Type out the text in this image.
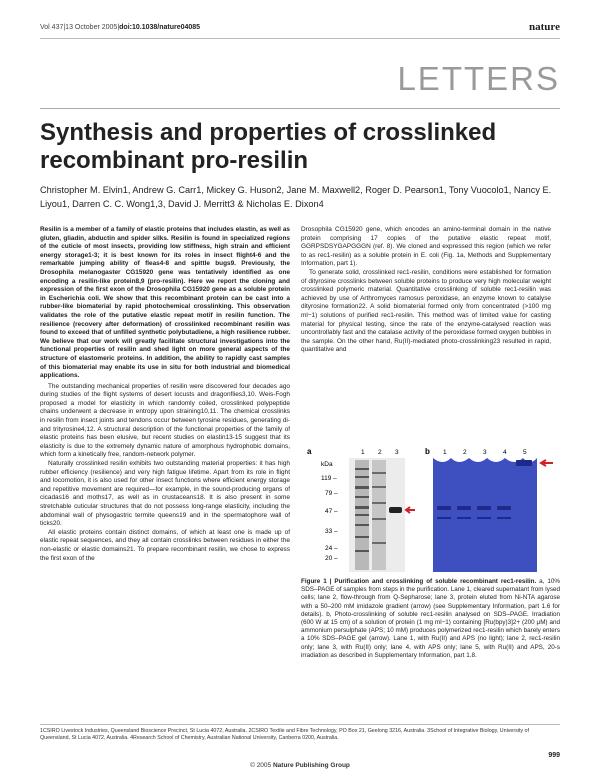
Vol 437|13 October 2005|doi:10.1038/nature04085	nature
LETTERS
Synthesis and properties of crosslinked recombinant pro-resilin
Christopher M. Elvin1, Andrew G. Carr1, Mickey G. Huson2, Jane M. Maxwell2, Roger D. Pearson1, Tony Vuocolo1, Nancy E. Liyou1, Darren C. C. Wong1,3, David J. Merritt3 & Nicholas E. Dixon4

Resilin is a member of a family of elastic proteins that includes elastin, as well as gluten, gliadin, abductin and spider silks. Resilin is found in specialized regions of the cuticle of most insects, providing low stiffness, high strain and efficient energy storage1-3; it is best known for its roles in insect flight4-6 and the remarkable jumping ability of fleas4-8 and spittle bugs9. Previously, the Drosophila melanogaster CG15920 gene was tentatively identified as one encoding a resilin-like protein8,9 (pro-resilin). Here we report the cloning and expression of the first exon of the Drosophila CG15920 gene as a soluble protein in Escherichia coli. We show that this recombinant protein can be cast into a rubber-like biomaterial by rapid photochemical crosslinking. This observation validates the role of the putative elastic repeat motif in resilin function. The resilience (recovery after deformation) of crosslinked recombinant resilin was found to exceed that of unfilled synthetic polybutadiene, a high resilience rubber. We believe that our work will greatly facilitate structural investigations into the functional properties of resilin and shed light on more general aspects of the structure of elastomeric proteins. In addition, the ability to rapidly cast samples of this biomaterial may enable its use in situ for both industrial and biomedical applications.

The outstanding mechanical properties of resilin were discovered four decades ago during studies of the flight systems of desert locusts and dragonflies3,10. Weis-Fogh proposed a model for elasticity in which randomly coiled, crosslinked polypeptide chains underwent a decrease in entropy upon straining10,11. The chemical crosslinks in resilin from insect joints and tendons occur between tyrosine residues, generating di- and trityrosine4,12. A structural description of the functional properties of the family of elastic proteins has been elusive, but recent studies on elastin13-15 suggest that its elasticity is due to the extremely dynamic nature of amorphous hydrophobic domains, which form a kinetically free, random-network polymer.

Naturally crosslinked resilin exhibits two outstanding material properties: it has high rubber efficiency (resilience) and very high fatigue lifetime. Apart from its role in flight and locomotion, it is also used for other insect functions where efficient energy storage and repetitive movement are required—for example, in the sound-producing organs of cicadas16 and moths17, as well as in crustaceans18. It is also present in some stretchable cuticular structures that do not possess long-range elasticity, including the abdominal wall of physogastric termite queens19 and in the spermatophore wall of ticks20.

All elastic proteins contain distinct domains, of which at least one is made up of elastic repeat sequences, and they all contain crosslinks between residues in either the non-elastic or elastic domains21. To prepare recombinant resilin, we chose to express the first exon of the

Drosophila CG15920 gene, which encodes an amino-terminal domain in the native protein comprising 17 copies of the putative elastic repeat motif, GGRPSDSYGAPGGGN (ref. 8). We cloned and expressed this region (which we refer to as rec1-resilin) as a soluble protein in E. coli (Fig. 1a, Methods and Supplementary Information, part 1).

To generate solid, crosslinked rec1-resilin, conditions were established for formation of dityrosine crosslinks between soluble proteins to produce very high molecular weight crosslinked polymeric material. Quantitative crosslinking of soluble rec1-resilin was achieved by use of Arthromyces ramosus peroxidase, an enzyme known to catalyse dityrosine formation22. A solid biomaterial formed only from concentrated (>100 mg ml−1) solutions of purified rec1-resilin. This method was of limited value for casting material for physical testing, since the rate of the enzyme-catalysed reaction was uncontrollably fast and the catalase activity of the peroxidase formed oxygen bubbles in the sample. On the other hand, Ru(II)-mediated photo-crosslinking23 resulted in rapid, quantitative and

a
kDa
119 –
79 –
47 –
33 –
24 –
20 –
1 2 3	b 1	2	3	4	5
Figure 1 | Purification and crosslinking of soluble recombinant rec1-resilin. a, 10% SDS–PAGE of samples from steps in the purification. Lane 1, cleared supernatant from lysed cells; lane 2, flow-through from Q-Sepharose; lane 3, protein eluted from Ni-NTA agarose with a 50–200 mM imidazole gradient (arrow) (see Supplementary Information, part 1.6 for details). b, Photo-crosslinking of soluble rec1-resilin analysed on SDS–PAGE. Irradiation (600 W at 15 cm) of a solution of protein (1 mg ml−1) containing [Ru(bpy)3]2+ (200 μM) and ammonium persulphate (APS; 10 mM) produces polymerized rec1-resilin which barely enters a 10% SDS–PAGE gel (arrow). Lane 1, with Ru(II) and APS (no light); lane 2, rec1-resilin only; lane 3, with Ru(II) only; lane 4, with APS only; lane 5, with Ru(II) and APS, 20-s irradiation as described in Supplementary Information, part 1.8.
1CSIRO Livestock Industries, Queensland Bioscience Precinct, St Lucia 4072, Australia. 2CSIRO Textile and Fibre Technology, PO Box 21, Geelong 3216, Australia. 3School of Integrative Biology, University of Queensland, St Lucia 4072, Australia. 4Research School of Chemistry, Australian National University, Canberra 0200, Australia.
999
© 2005 Nature Publishing Group
